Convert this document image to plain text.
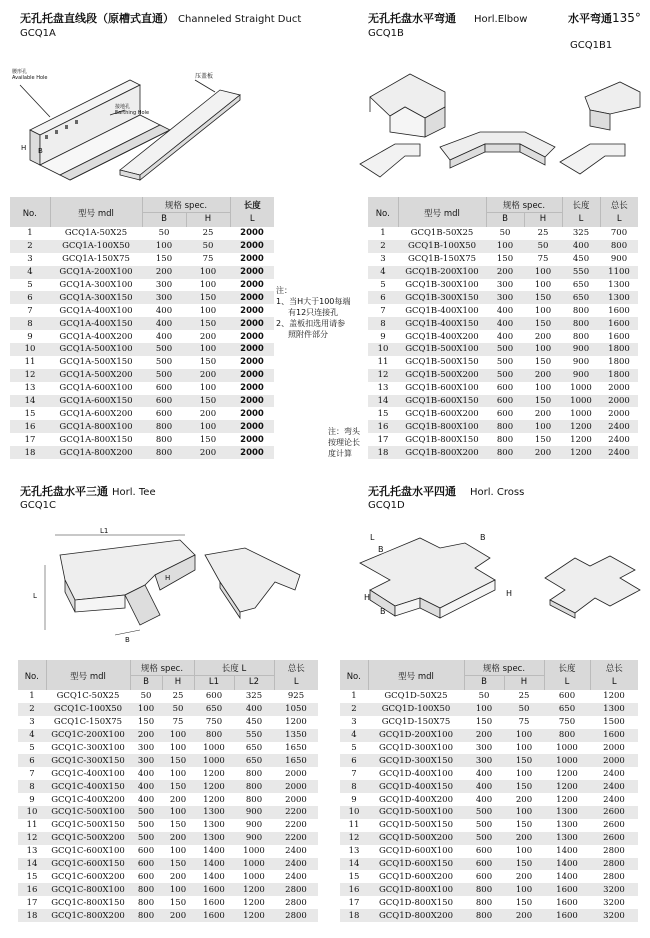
无孔托盘直线段（原槽式直通） Channeled Straight Duct
GCQ1A
腰形孔
Available Hole
接地孔
Earthing Hole
压盖板
H B
No.	型号 mdl	规格 spec.		长度
		B	H	L
1	GCQ1A-50X25	50	25	2000
2	GCQ1A-100X50	100	50	2000
3	GCQ1A-150X75	150	75	2000
4	GCQ1A-200X100	200	100	2000
5	GCQ1A-300X100	300	100	2000
6	GCQ1A-300X150	300	150	2000
7	GCQ1A-400X100	400	100	2000
8	GCQ1A-400X150	400	150	2000
9	GCQ1A-400X200	400	200	2000
10	GCQ1A-500X100	500	100	2000
11	GCQ1A-500X150	500	150	2000
12	GCQ1A-500X200	500	200	2000
13	GCQ1A-600X100	600	100	2000
14	GCQ1A-600X150	600	150	2000
15	GCQ1A-600X200	600	200	2000
16	GCQ1A-800X100	800	100	2000
17	GCQ1A-800X150	800	150	2000
18	GCQ1A-800X200	800	200	2000
注：
1、当H大于100每端
有12只连接孔
2、盖板扣选用请参
照附件部分
注：弯头
按理论长
度计算
无孔托盘水平弯通 Horl.Elbow
GCQ1B
水平弯通135°
GCQ1B1
No.	型号 mdl	规格 spec.		长度	总长
		B	H	L	L
1	GCQ1B-50X25	50	25	325	700
2	GCQ1B-100X50	100	50	400	800
3	GCQ1B-150X75	150	75	450	900
4	GCQ1B-200X100	200	100	550	1100
5	GCQ1B-300X100	300	100	650	1300
6	GCQ1B-300X150	300	150	650	1300
7	GCQ1B-400X100	400	100	800	1600
8	GCQ1B-400X150	400	150	800	1600
9	GCQ1B-400X200	400	200	800	1600
10	GCQ1B-500X100	500	100	900	1800
11	GCQ1B-500X150	500	150	900	1800
12	GCQ1B-500X200	500	200	900	1800
13	GCQ1B-600X100	600	100	1000	2000
14	GCQ1B-600X150	600	150	1000	2000
15	GCQ1B-600X200	600	200	1000	2000
16	GCQ1B-800X100	800	100	1200	2400
17	GCQ1B-800X150	800	150	1200	2400
18	GCQ1B-800X200	800	200	1200	2400
无孔托盘水平三通 Horl. Tee
GCQ1C
L1
L
H
B
No.	型号 mdl	规格 spec.		长度 L		总长
		B	H	L1	L2	L
1	GCQ1C-50X25	50	25	600	325	925
2	GCQ1C-100X50	100	50	650	400	1050
3	GCQ1C-150X75	150	75	750	450	1200
4	GCQ1C-200X100	200	100	800	550	1350
5	GCQ1C-300X100	300	100	1000	650	1650
6	GCQ1C-300X150	300	150	1000	650	1650
7	GCQ1C-400X100	400	100	1200	800	2000
8	GCQ1C-400X150	400	150	1200	800	2000
9	GCQ1C-400X200	400	200	1200	800	2000
10	GCQ1C-500X100	500	100	1300	900	2200
11	GCQ1C-500X150	500	150	1300	900	2200
12	GCQ1C-500X200	500	200	1300	900	2200
13	GCQ1C-600X100	600	100	1400	1000	2400
14	GCQ1C-600X150	600	150	1400	1000	2400
15	GCQ1C-600X200	600	200	1400	1000	2400
16	GCQ1C-800X100	800	100	1600	1200	2800
17	GCQ1C-800X150	800	150	1600	1200	2800
18	GCQ1C-800X200	800	200	1600	1200	2800
无孔托盘水平四通 Horl. Cross
GCQ1D
L
B
B
H
H
B
No.	型号 mdl	规格 spec.		长度	总长
		B	H	L	L
1	GCQ1D-50X25	50	25	600	1200
2	GCQ1D-100X50	100	50	650	1300
3	GCQ1D-150X75	150	75	750	1500
4	GCQ1D-200X100	200	100	800	1600
5	GCQ1D-300X100	300	100	1000	2000
6	GCQ1D-300X150	300	150	1000	2000
7	GCQ1D-400X100	400	100	1200	2400
8	GCQ1D-400X150	400	150	1200	2400
9	GCQ1D-400X200	400	200	1200	2400
10	GCQ1D-500X100	500	100	1300	2600
11	GCQ1D-500X150	500	150	1300	2600
12	GCQ1D-500X200	500	200	1300	2600
13	GCQ1D-600X100	600	100	1400	2800
14	GCQ1D-600X150	600	150	1400	2800
15	GCQ1D-600X200	600	200	1400	2800
16	GCQ1D-800X100	800	100	1600	3200
17	GCQ1D-800X150	800	150	1600	3200
18	GCQ1D-800X200	800	200	1600	3200
